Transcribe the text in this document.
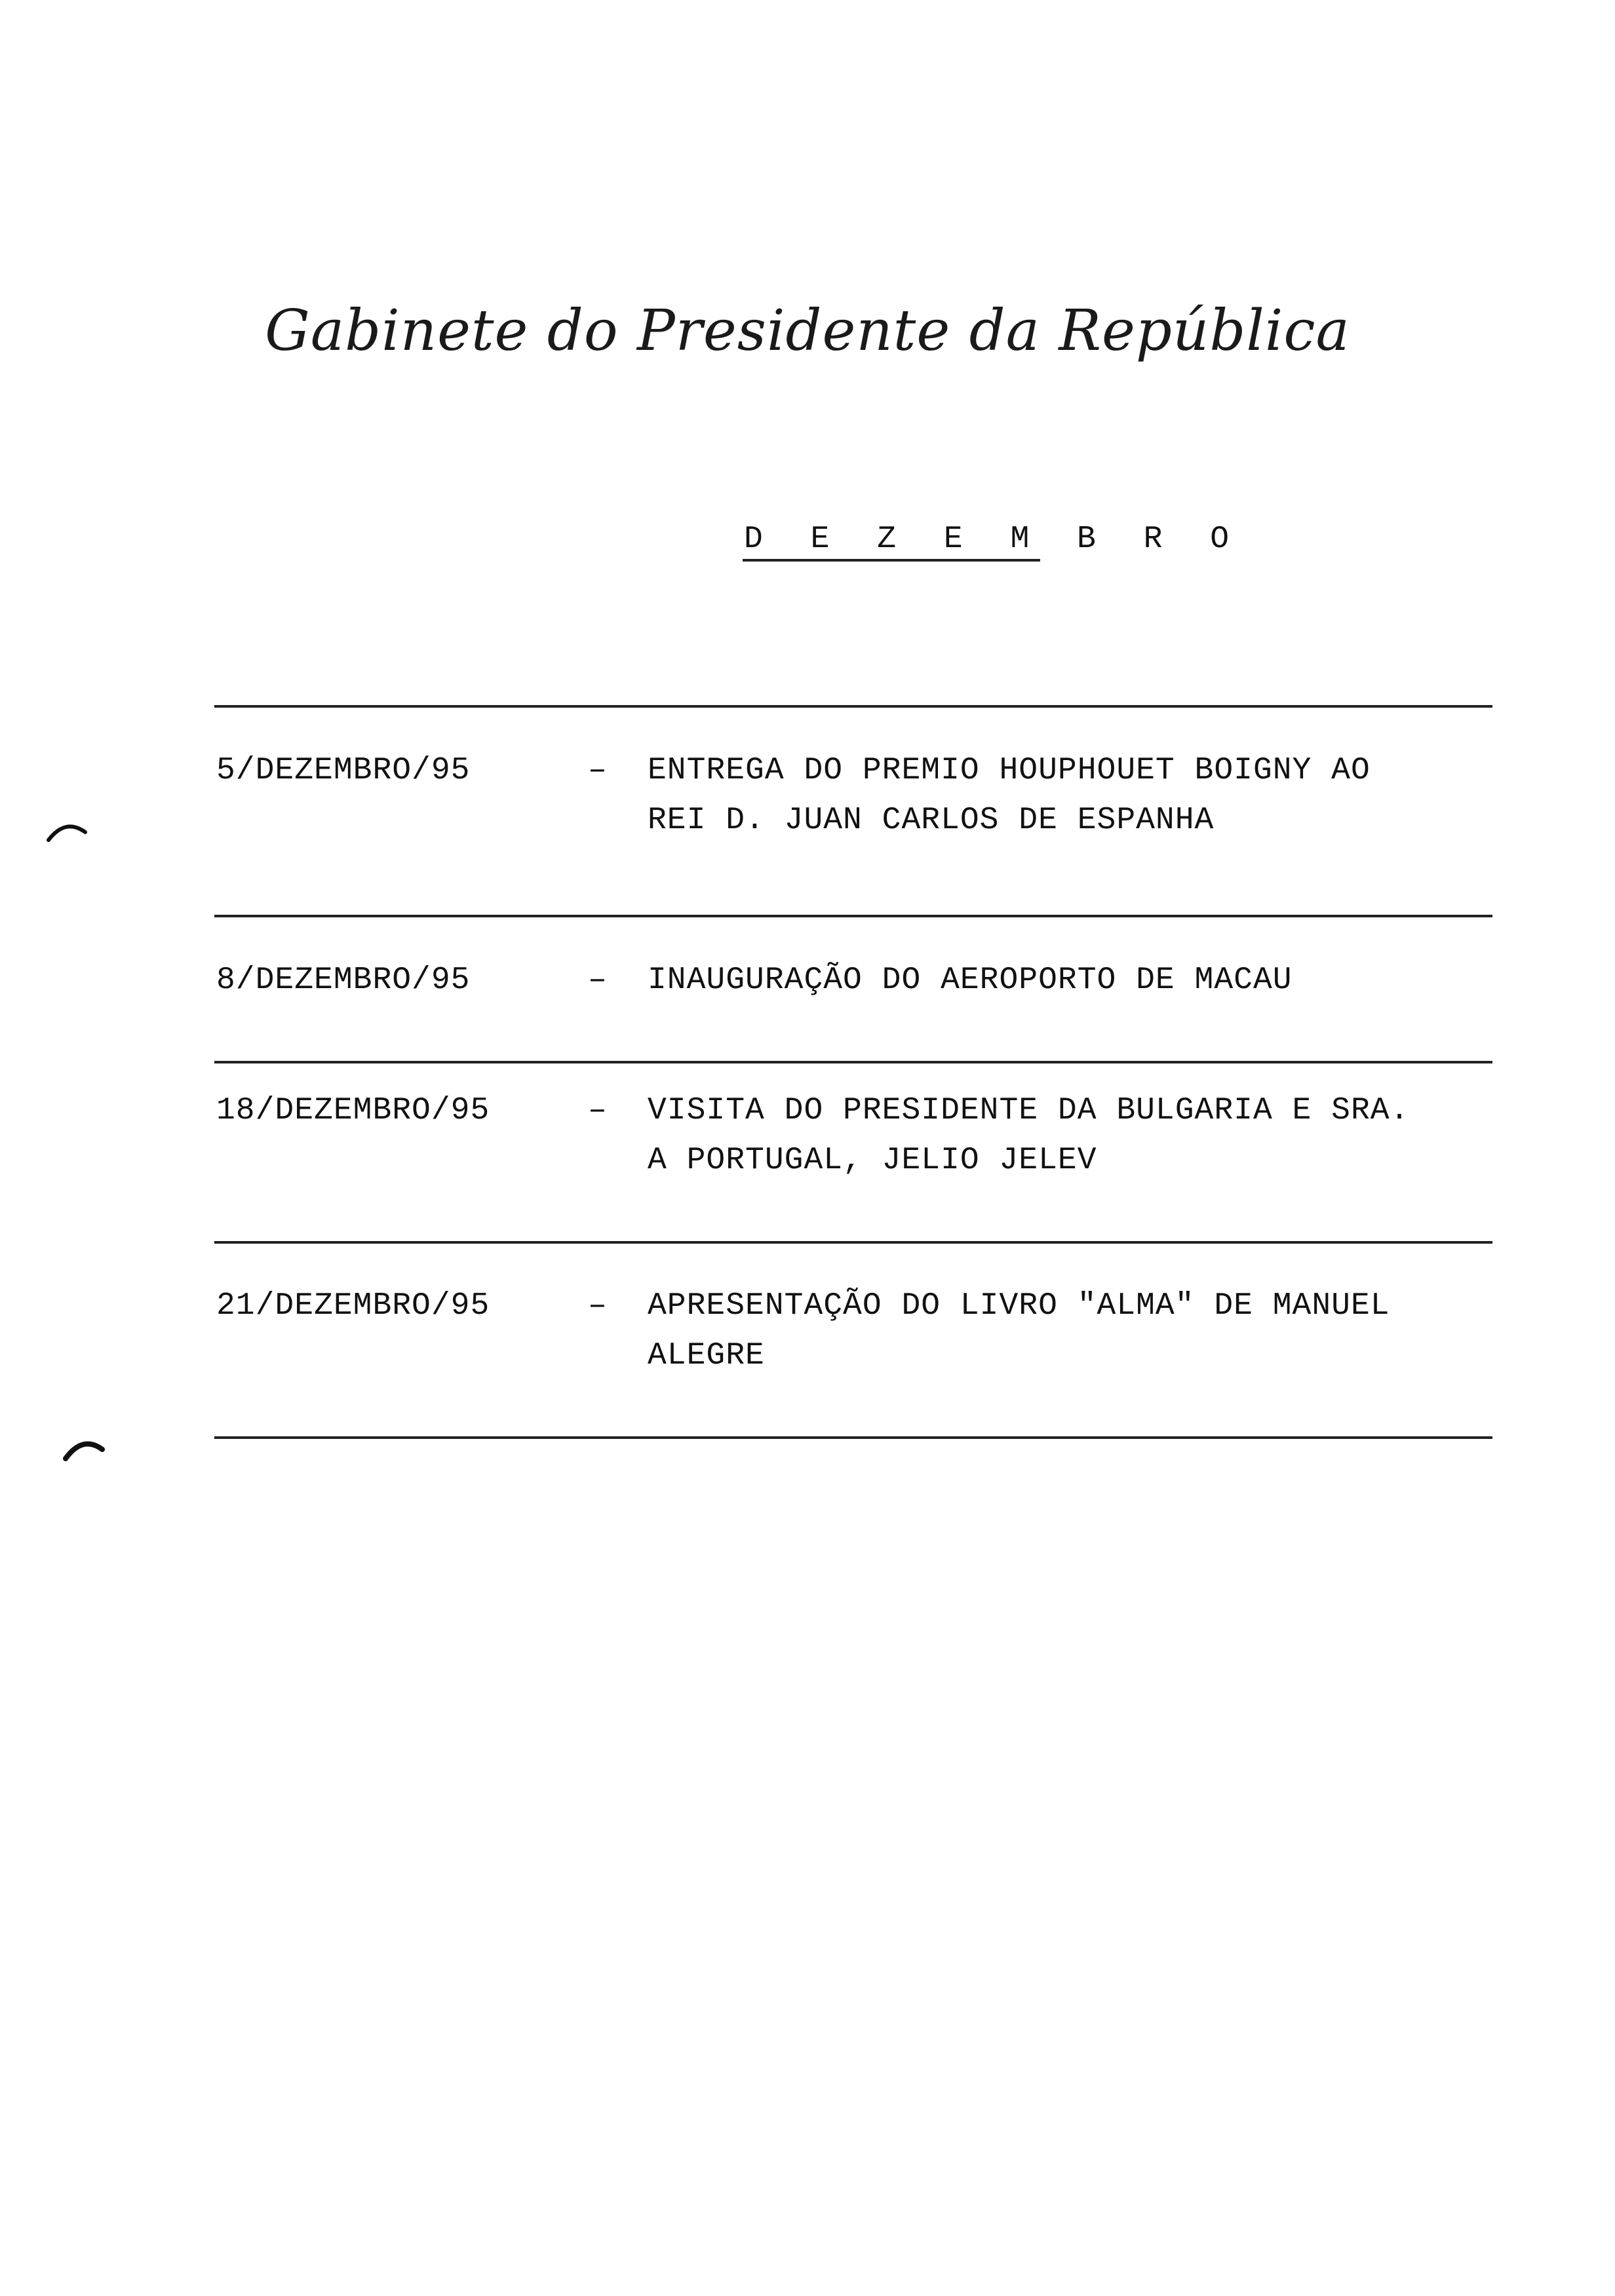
Gabinete do Presidente da República
D E Z E M B R O
5/DEZEMBRO/95	– ENTREGA DO PREMIO HOUPHOUET BOIGNY AO
REI D. JUAN CARLOS DE ESPANHA
8/DEZEMBRO/95	– INAUGURAÇÃO DO AEROPORTO DE MACAU
18/DEZEMBRO/95	– VISITA DO PRESIDENTE DA BULGARIA E SRA.
A PORTUGAL, JELIO JELEV
21/DEZEMBRO/95	– APRESENTAÇÃO DO LIVRO "ALMA" DE MANUEL
ALEGRE
